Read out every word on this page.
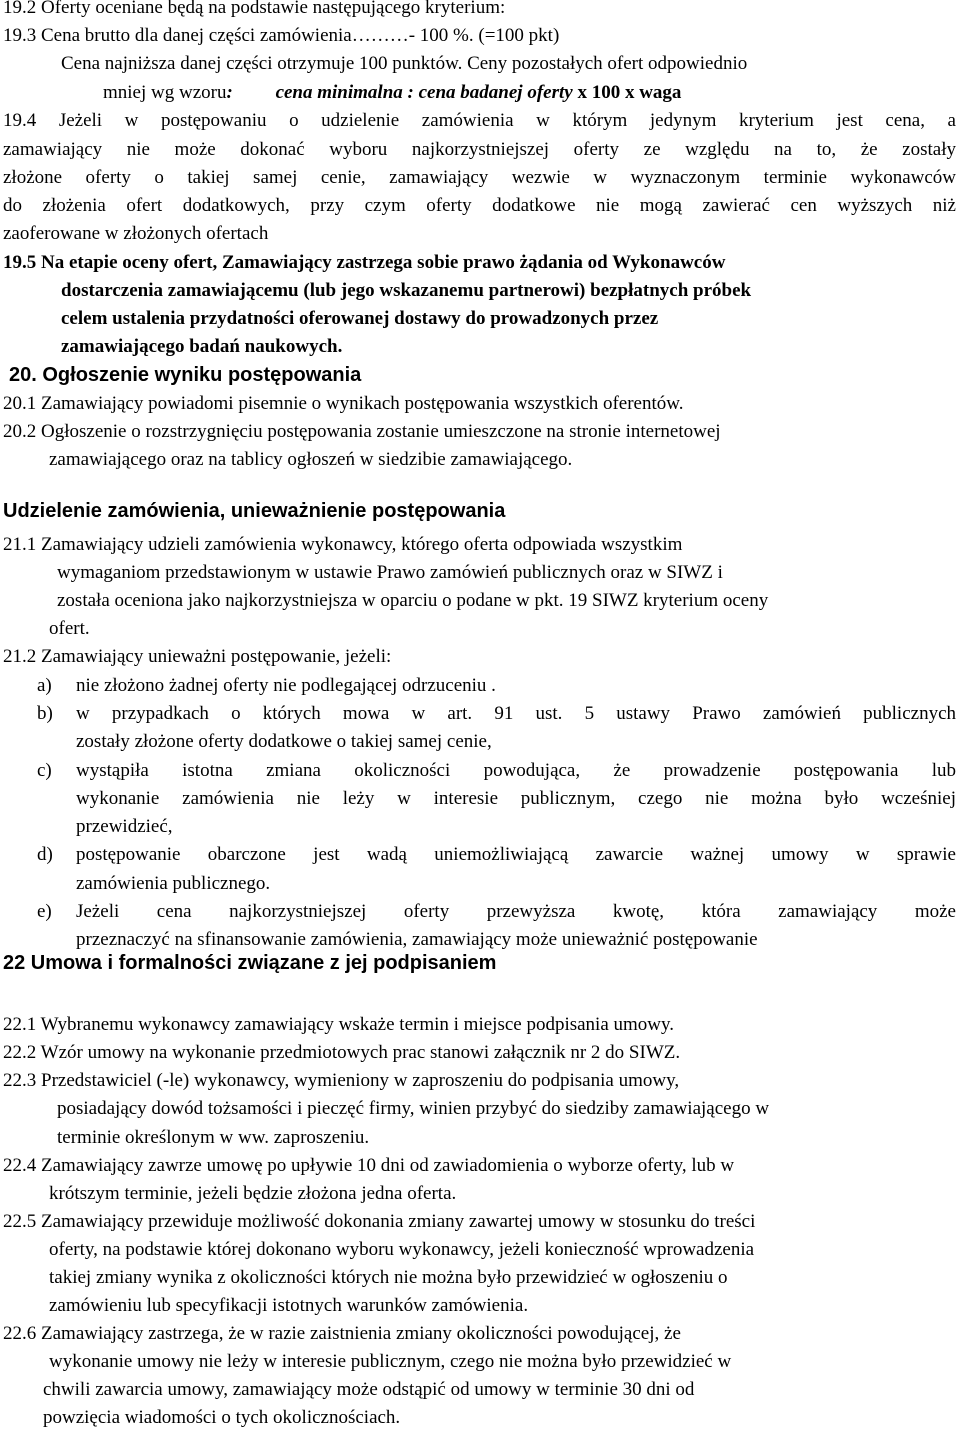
19.2 Oferty oceniane będą na podstawie następującego kryterium:
19.3 Cena brutto dla danej części zamówienia………- 100 %. (=100 pkt)
Cena najniższa danej części otrzymuje 100 punktów. Ceny pozostałych ofert odpowiednio
mniej wg wzoru: cena minimalna : cena badanej oferty x 100 x waga
19.4 Jeżeli w postępowaniu o udzielenie zamówienia w którym jedynym kryterium jest cena, a
zamawiający nie może dokonać wyboru najkorzystniejszej oferty ze względu na to, że zostały
złożone oferty o takiej samej cenie, zamawiający wezwie w wyznaczonym terminie wykonawców
do złożenia ofert dodatkowych, przy czym oferty dodatkowe nie mogą zawierać cen wyższych niż
zaoferowane w złożonych ofertach
19.5 Na etapie oceny ofert, Zamawiający zastrzega sobie prawo żądania od Wykonawców
dostarczenia zamawiającemu (lub jego wskazanemu partnerowi) bezpłatnych próbek
celem ustalenia przydatności oferowanej dostawy do prowadzonych przez
zamawiającego badań naukowych.
20. Ogłoszenie wyniku postępowania
20.1 Zamawiający powiadomi pisemnie o wynikach postępowania wszystkich oferentów.
20.2 Ogłoszenie o rozstrzygnięciu postępowania zostanie umieszczone na stronie internetowej
zamawiającego oraz na tablicy ogłoszeń w siedzibie zamawiającego.
Udzielenie zamówienia, unieważnienie postępowania
21.1 Zamawiający udzieli zamówienia wykonawcy, którego oferta odpowiada wszystkim
wymaganiom przedstawionym w ustawie Prawo zamówień publicznych oraz w SIWZ i
została oceniona jako najkorzystniejsza w oparciu o podane w pkt. 19 SIWZ kryterium oceny
ofert.
21.2 Zamawiający unieważni postępowanie, jeżeli:
a) nie złożono żadnej oferty nie podlegającej odrzuceniu .
b) w przypadkach o których mowa w art. 91 ust. 5 ustawy Prawo zamówień publicznych
zostały złożone oferty dodatkowe o takiej samej cenie,
c) wystąpiła istotna zmiana okoliczności powodująca, że prowadzenie postępowania lub
wykonanie zamówienia nie leży w interesie publicznym, czego nie można było wcześniej
przewidzieć,
d) postępowanie obarczone jest wadą uniemożliwiającą zawarcie ważnej umowy w sprawie
zamówienia publicznego.
e) Jeżeli cena najkorzystniejszej oferty przewyższa kwotę, która zamawiający może
przeznaczyć na sfinansowanie zamówienia, zamawiający może unieważnić postępowanie
22 Umowa i formalności związane z jej podpisaniem
22.1 Wybranemu wykonawcy zamawiający wskaże termin i miejsce podpisania umowy.
22.2 Wzór umowy na wykonanie przedmiotowych prac stanowi załącznik nr 2 do SIWZ.
22.3 Przedstawiciel (-le) wykonawcy, wymieniony w zaproszeniu do podpisania umowy,
posiadający dowód tożsamości i pieczęć firmy, winien przybyć do siedziby zamawiającego w
terminie określonym w ww. zaproszeniu.
22.4 Zamawiający zawrze umowę po upływie 10 dni od zawiadomienia o wyborze oferty, lub w
krótszym terminie, jeżeli będzie złożona jedna oferta.
22.5 Zamawiający przewiduje możliwość dokonania zmiany zawartej umowy w stosunku do treści
oferty, na podstawie której dokonano wyboru wykonawcy, jeżeli konieczność wprowadzenia
takiej zmiany wynika z okoliczności których nie można było przewidzieć w ogłoszeniu o
zamówieniu lub specyfikacji istotnych warunków zamówienia.
22.6 Zamawiający zastrzega, że w razie zaistnienia zmiany okoliczności powodującej, że
wykonanie umowy nie leży w interesie publicznym, czego nie można było przewidzieć w
chwili zawarcia umowy, zamawiający może odstąpić od umowy w terminie 30 dni od
powzięcia wiadomości o tych okolicznościach.
